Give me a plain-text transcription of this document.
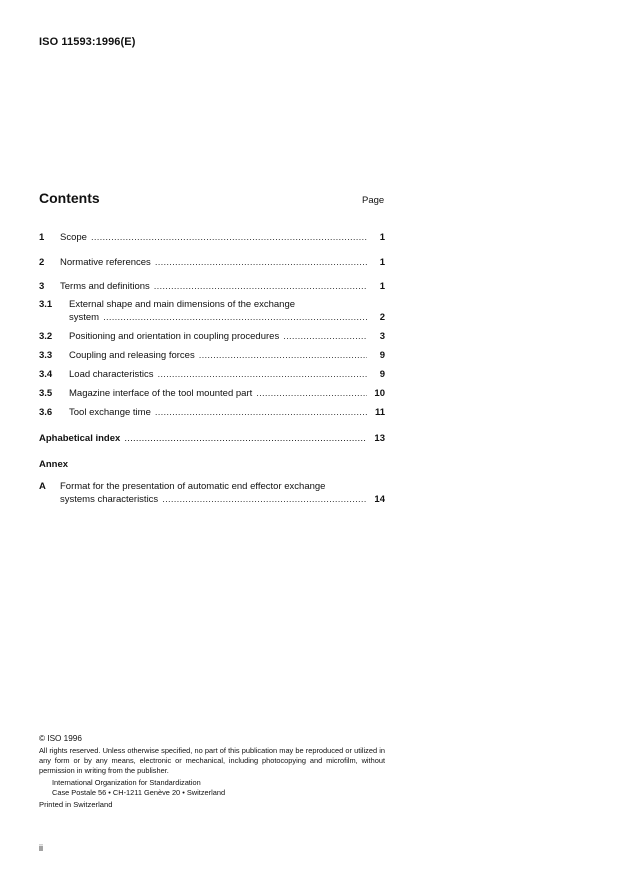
ISO 11593:1996(E)
Contents	Page
1 Scope . . .	1
2 Normative references . . .	1
3 Terms and definitions . . .	1
3.1 External shape and main dimensions of the exchange
system . . .	2
3.2 Positioning and orientation in coupling procedures . . .	3
3.3 Coupling and releasing forces . . .	9
3.4 Load characteristics . . .	9
3.5 Magazine interface of the tool mounted part . . .	10
3.6 Tool exchange time . . .	11
Aphabetical index . . .	13
Annex
A Format for the presentation of automatic end effector exchange
systems characteristics . . .	14
© ISO 1996
All rights reserved. Unless otherwise specified, no part of this publication may be reproduced or utilized in any form or by any means, electronic or mechanical, including photocopying and microfilm, without permission in writing from the publisher.
International Organization for Standardization
Case Postale 56 • CH-1211 Genève 20 • Switzerland
Printed in Switzerland
ii
